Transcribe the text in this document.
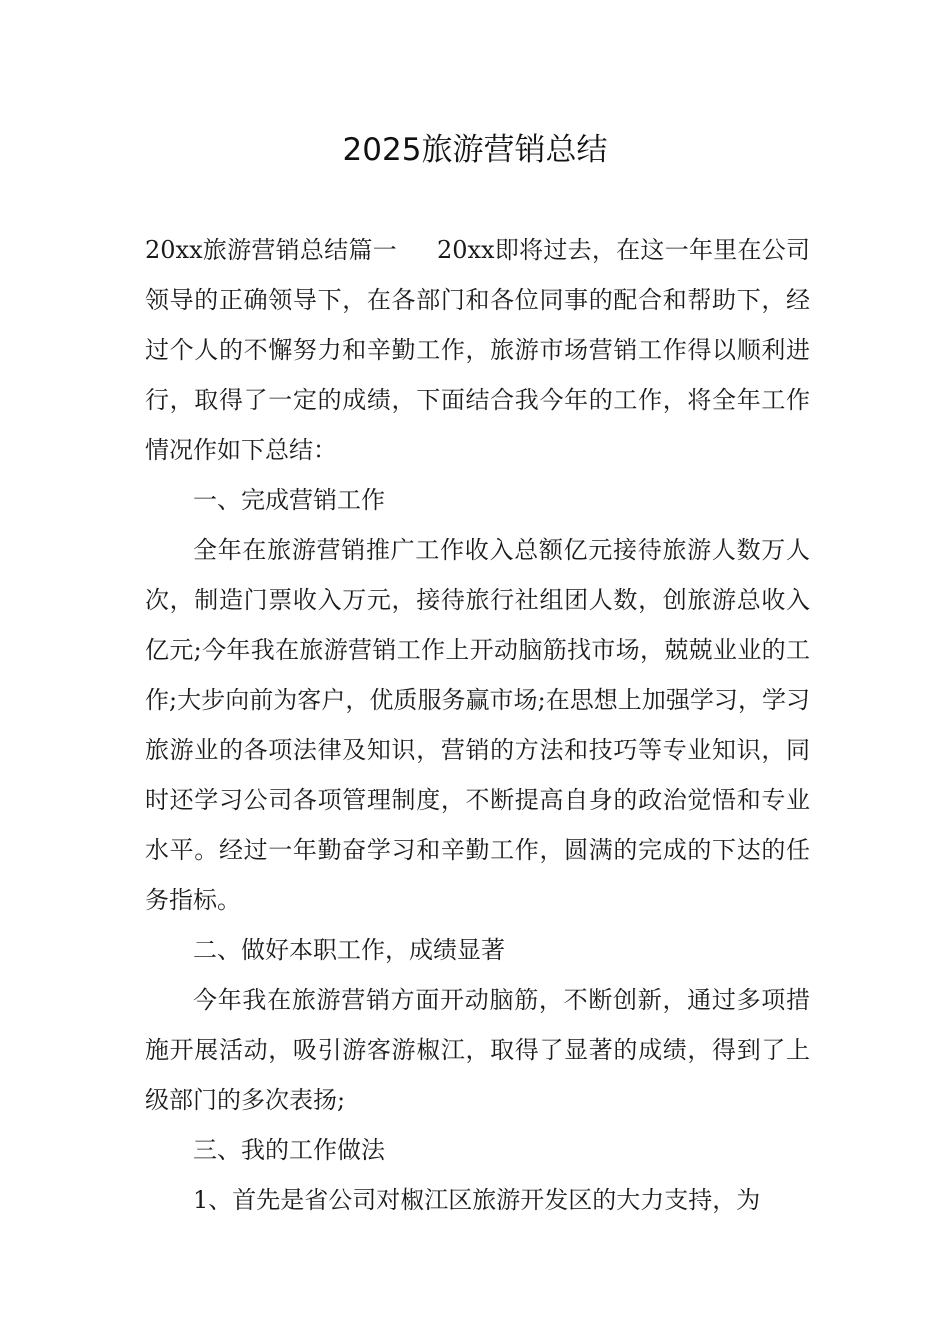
2025旅游营销总结

20xx旅游营销总结篇一 20xx即将过去，在这一年里在公司领导的正确领导下，在各部门和各位同事的配合和帮助下，经过个人的不懈努力和辛勤工作，旅游市场营销工作得以顺利进行，取得了一定的成绩，下面结合我今年的工作，将全年工作情况作如下总结：

一、完成营销工作

全年在旅游营销推广工作收入总额亿元接待旅游人数万人次，制造门票收入万元，接待旅行社组团人数，创旅游总收入亿元;今年我在旅游营销工作上开动脑筋找市场，兢兢业业的工作;大步向前为客户，优质服务赢市场;在思想上加强学习，学习旅游业的各项法律及知识，营销的方法和技巧等专业知识，同时还学习公司各项管理制度，不断提高自身的政治觉悟和专业水平。经过一年勤奋学习和辛勤工作，圆满的完成的下达的任务指标。

二、做好本职工作，成绩显著

今年我在旅游营销方面开动脑筋，不断创新，通过多项措施开展活动，吸引游客游椒江，取得了显著的成绩，得到了上级部门的多次表扬;

三、我的工作做法

1、首先是省公司对椒江区旅游开发区的大力支持，为
